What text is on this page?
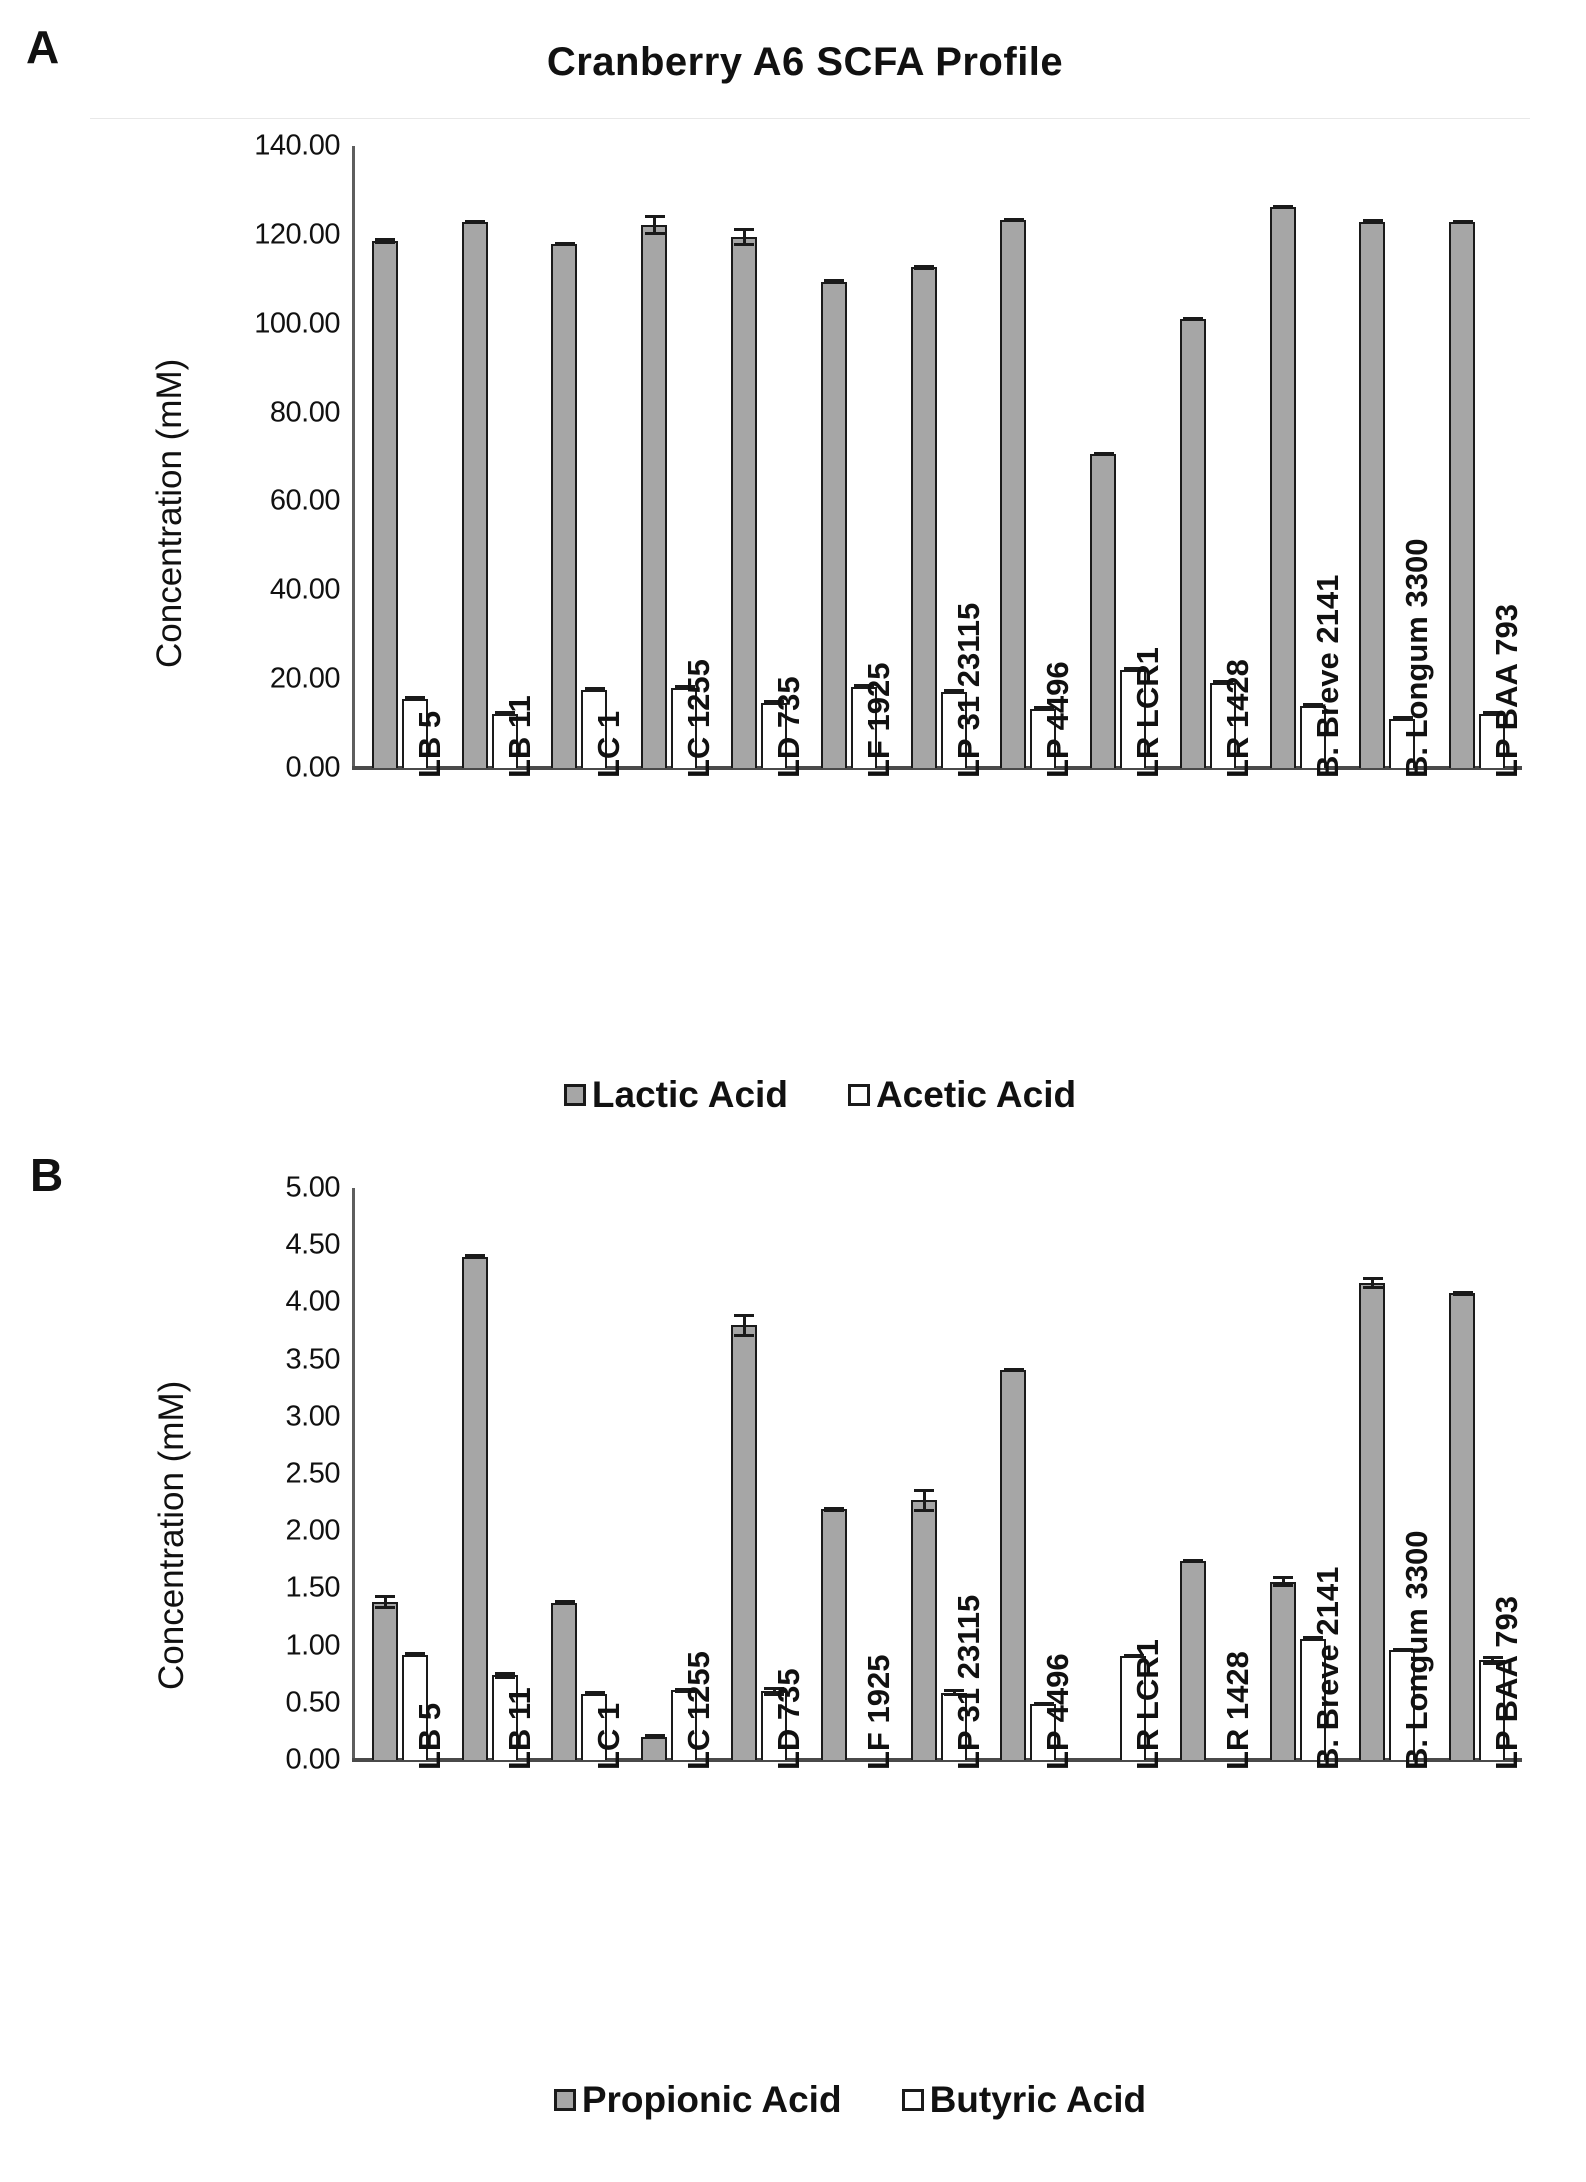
A	Cranberry A6 SCFA Profile
Concentration (mM)
140.00
120.00
100.00
80.00
60.00
40.00
20.00
0.00 LB 5 LB 11 LC 1 LC 1255 LD 735 LF 1925 LP 31 23115 LP 4496 LR LCR1 LR 1428 B. Breve 2141 B. Longum 3300 LP BAA 793
Lactic Acid Acetic Acid
B
Concentration (mM)
5.00
4.50
4.00
3.50
3.00
2.50
2.00
1.50
1.00
0.50
0.00 LB 5 LB 11 LC 1 LC 1255 LD 735 LF 1925 LP 31 23115 LP 4496 LR LCR1 LR 1428 B. Breve 2141 B. Longum 3300 LP BAA 793
Propionic Acid Butyric Acid
